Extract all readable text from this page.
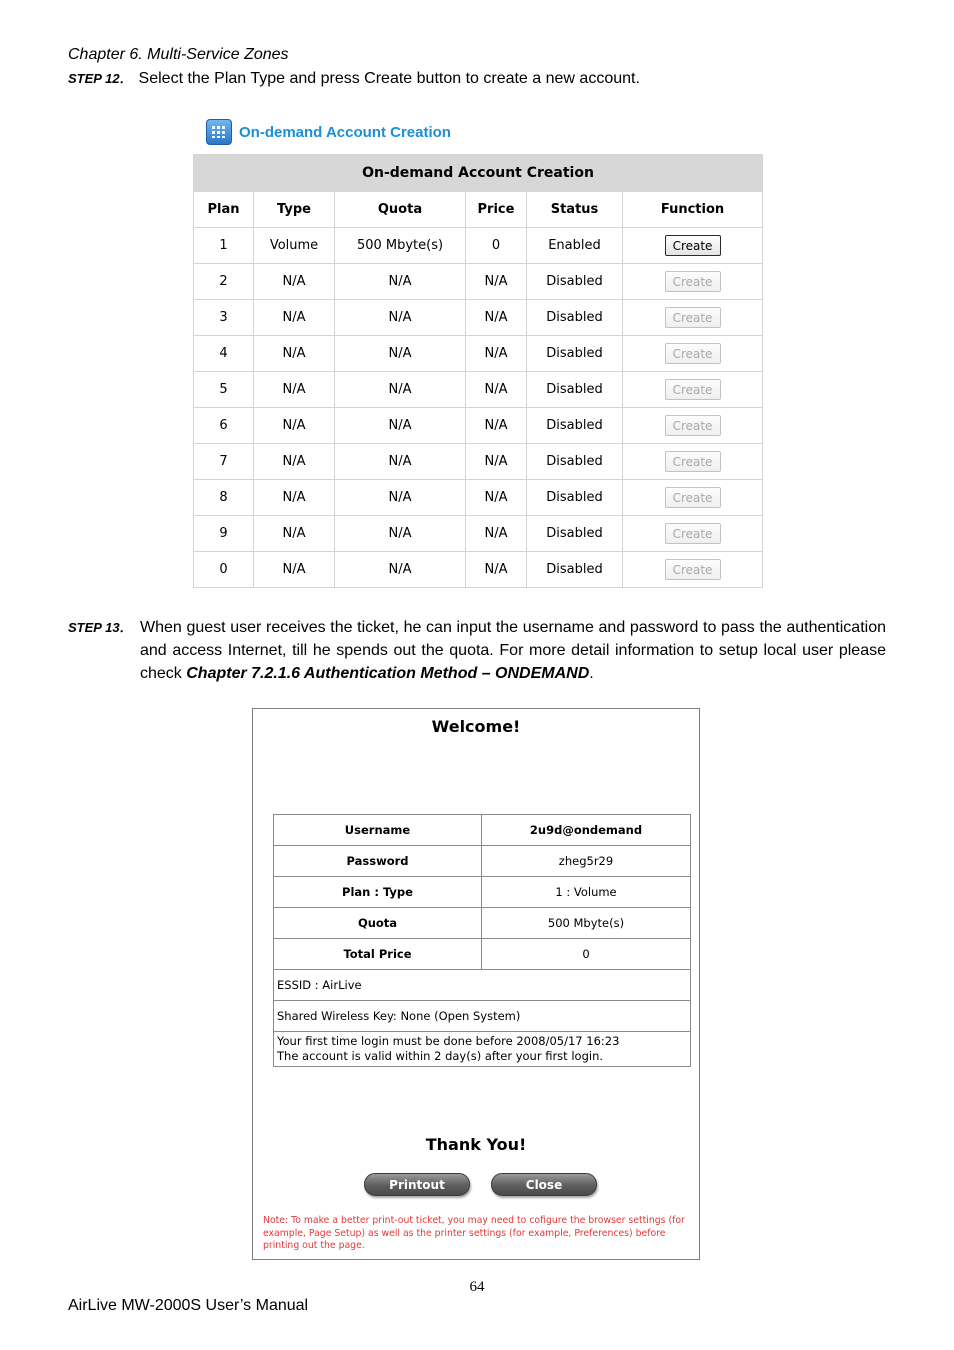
Chapter 6. Multi-Service Zones
STEP 12． Select the Plan Type and press Create button to create a new account.
On-demand Account Creation
On-demand Account Creation					
Plan	Type	Quota	Price	Status	Function
1	Volume	500 Mbyte(s)	0	Enabled	Create
2	N/A	N/A	N/A	Disabled	Create
3	N/A	N/A	N/A	Disabled	Create
4	N/A	N/A	N/A	Disabled	Create
5	N/A	N/A	N/A	Disabled	Create
6	N/A	N/A	N/A	Disabled	Create
7	N/A	N/A	N/A	Disabled	Create
8	N/A	N/A	N/A	Disabled	Create
9	N/A	N/A	N/A	Disabled	Create
0	N/A	N/A	N/A	Disabled	Create
STEP 13． When guest user receives the ticket, he can input the username and password to pass the authentication and access Internet, till he spends out the quota. For more detail information to setup local user please check Chapter 7.2.1.6 Authentication Method – ONDEMAND.
Welcome!
Username	2u9d@ondemand
Password	zheg5r29
Plan : Type	1 : Volume
Quota	500 Mbyte(s)
Total Price	0
ESSID : AirLive	
Shared Wireless Key: None (Open System)	

Your first time login must be done before 2008/05/17 16:23
The account is valid within 2 day(s) after your first login.	
Thank You!
Printout	Close
Note: To make a better print-out ticket, you may need to cofigure the browser settings (for example, Page Setup) as well as the printer settings (for example, Preferences) before printing out the page.
64
AirLive MW-2000S User’s Manual
